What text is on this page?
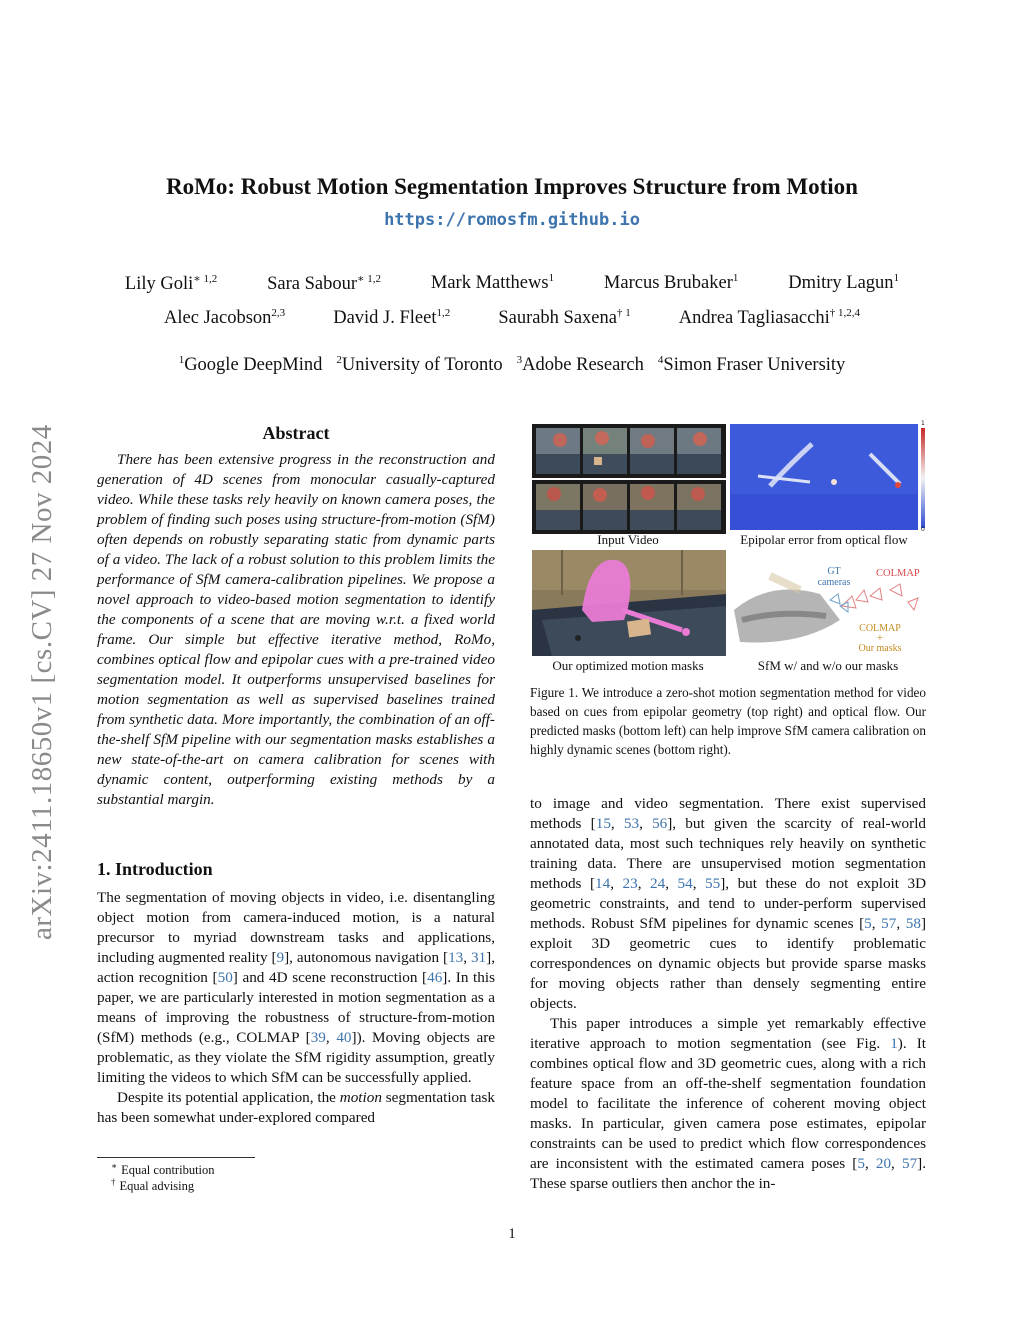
arXiv:2411.18650v1 [cs.CV] 27 Nov 2024
RoMo: Robust Motion Segmentation Improves Structure from Motion
https://romosfm.github.io
Lily Goli$^{∗ 1,2}$	Sara Sabour$^{∗ 1,2}$	Mark Matthews$^1$	Marcus Brubaker$^1$	Dmitry Lagun$^1$
Alec Jacobson$^{2,3}$	David J. Fleet$^{1,2}$	Saurabh Saxena$^{\dagger 1}$	Andrea Tagliasacchi$^{\dagger 1,2,4}$
$^1$Google DeepMind $^2$University of Toronto $^3$Adobe Research $^4$Simon Fraser University
Abstract

There has been extensive progress in the reconstruction and generation of 4D scenes from monocular casually-captured video. While these tasks rely heavily on known camera poses, the problem of finding such poses using structure-from-motion (SfM) often depends on robustly separating static from dynamic parts of a video. The lack of a robust solution to this problem limits the performance of SfM camera-calibration pipelines. We propose a novel approach to video-based motion segmentation to identify the components of a scene that are moving w.r.t. a fixed world frame. Our simple but effective iterative method, RoMo, combines optical flow and epipolar cues with a pre-trained video segmentation model. It outperforms unsupervised baselines for motion segmentation as well as supervised baselines trained from synthetic data. More importantly, the combination of an off-the-shelf SfM pipeline with our segmentation masks establishes a new state-of-the-art on camera calibration for scenes with dynamic content, outperforming existing methods by a substantial margin.

1. Introduction

The segmentation of moving objects in video, i.e. disentangling object motion from camera-induced motion, is a natural precursor to myriad downstream tasks and applications, including augmented reality [9], autonomous navigation [13, 31], action recognition [50] and 4D scene reconstruction [46]. In this paper, we are particularly interested in motion segmentation as a means of improving the robustness of structure-from-motion (SfM) methods (e.g., COLMAP [39, 40]). Moving objects are problematic, as they violate the SfM rigidity assumption, greatly limiting the videos to which SfM can be successfully applied.

Despite its potential application, the motion segmentation task has been somewhat under-explored compared

∗ Equal contribution
† Equal advising
Input Video
1
0
Epipolar error from optical flow
Our optimized motion masks
GT
cameras
COLMAP
COLMAP
+
Our masks
SfM w/ and w/o our masks
Figure 1. We introduce a zero-shot motion segmentation method for video based on cues from epipolar geometry (top right) and optical flow. Our predicted masks (bottom left) can help improve SfM camera calibration on highly dynamic scenes (bottom right).

to image and video segmentation. There exist supervised methods [15, 53, 56], but given the scarcity of real-world annotated data, most such techniques rely heavily on synthetic training data. There are unsupervised motion segmentation methods [14, 23, 24, 54, 55], but these do not exploit 3D geometric constraints, and tend to under-perform supervised methods. Robust SfM pipelines for dynamic scenes [5, 57, 58] exploit 3D geometric cues to identify problematic correspondences on dynamic objects but provide sparse masks for moving objects rather than densely segmenting entire objects.

This paper introduces a simple yet remarkably effective iterative approach to motion segmentation (see Fig. 1). It combines optical flow and 3D geometric cues, along with a rich feature space from an off-the-shelf segmentation foundation model to facilitate the inference of coherent moving object masks. In particular, given camera pose estimates, epipolar constraints can be used to predict which flow correspondences are inconsistent with the estimated camera poses [5, 20, 57]. These sparse outliers then anchor the in-

1
